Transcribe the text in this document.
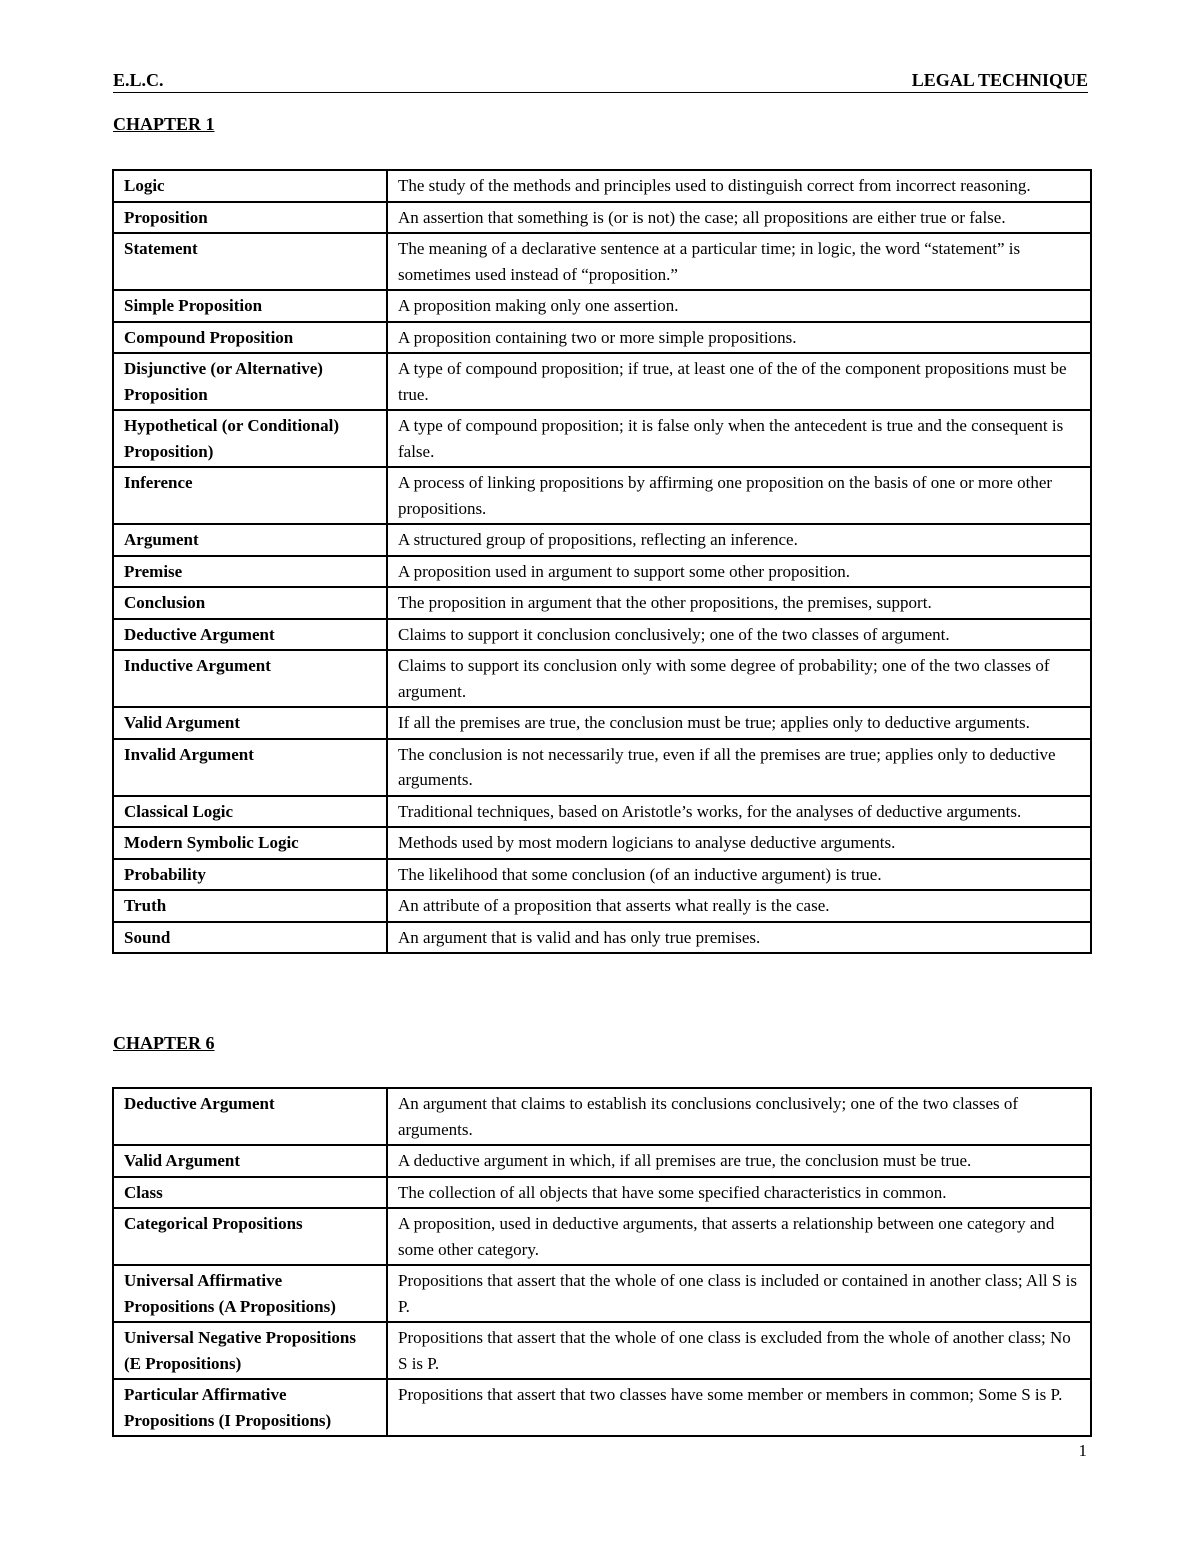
E.L.C.	LEGAL TECHNIQUE
CHAPTER 1
Logic	The study of the methods and principles used to distinguish correct from incorrect reasoning.
Proposition	An assertion that something is (or is not) the case; all propositions are either true or false.
Statement	The meaning of a declarative sentence at a particular time; in logic, the word “statement” is sometimes used instead of “proposition.”
Simple Proposition	A proposition making only one assertion.
Compound Proposition	A proposition containing two or more simple propositions.
Disjunctive (or Alternative) Proposition	A type of compound proposition; if true, at least one of the of the component propositions must be true.
Hypothetical (or Conditional) Proposition)	A type of compound proposition; it is false only when the antecedent is true and the consequent is false.
Inference	A process of linking propositions by affirming one proposition on the basis of one or more other propositions.
Argument	A structured group of propositions, reflecting an inference.
Premise	A proposition used in argument to support some other proposition.
Conclusion	The proposition in argument that the other propositions, the premises, support.
Deductive Argument	Claims to support it conclusion conclusively; one of the two classes of argument.
Inductive Argument	Claims to support its conclusion only with some degree of probability; one of the two classes of argument.
Valid Argument	If all the premises are true, the conclusion must be true; applies only to deductive arguments.
Invalid Argument	The conclusion is not necessarily true, even if all the premises are true; applies only to deductive arguments.
Classical Logic	Traditional techniques, based on Aristotle’s works, for the analyses of deductive arguments.
Modern Symbolic Logic	Methods used by most modern logicians to analyse deductive arguments.
Probability	The likelihood that some conclusion (of an inductive argument) is true.
Truth	An attribute of a proposition that asserts what really is the case.
Sound	An argument that is valid and has only true premises.
CHAPTER 6
Deductive Argument	An argument that claims to establish its conclusions conclusively; one of the two classes of arguments.
Valid Argument	A deductive argument in which, if all premises are true, the conclusion must be true.
Class	The collection of all objects that have some specified characteristics in common.
Categorical Propositions	A proposition, used in deductive arguments, that asserts a relationship between one category and some other category.
Universal Affirmative Propositions (A Propositions)	Propositions that assert that the whole of one class is included or contained in another class; All S is P.
Universal Negative Propositions (E Propositions)	Propositions that assert that the whole of one class is excluded from the whole of another class; No S is P.
Particular Affirmative Propositions (I Propositions)	Propositions that assert that two classes have some member or members in common; Some S is P.
1
